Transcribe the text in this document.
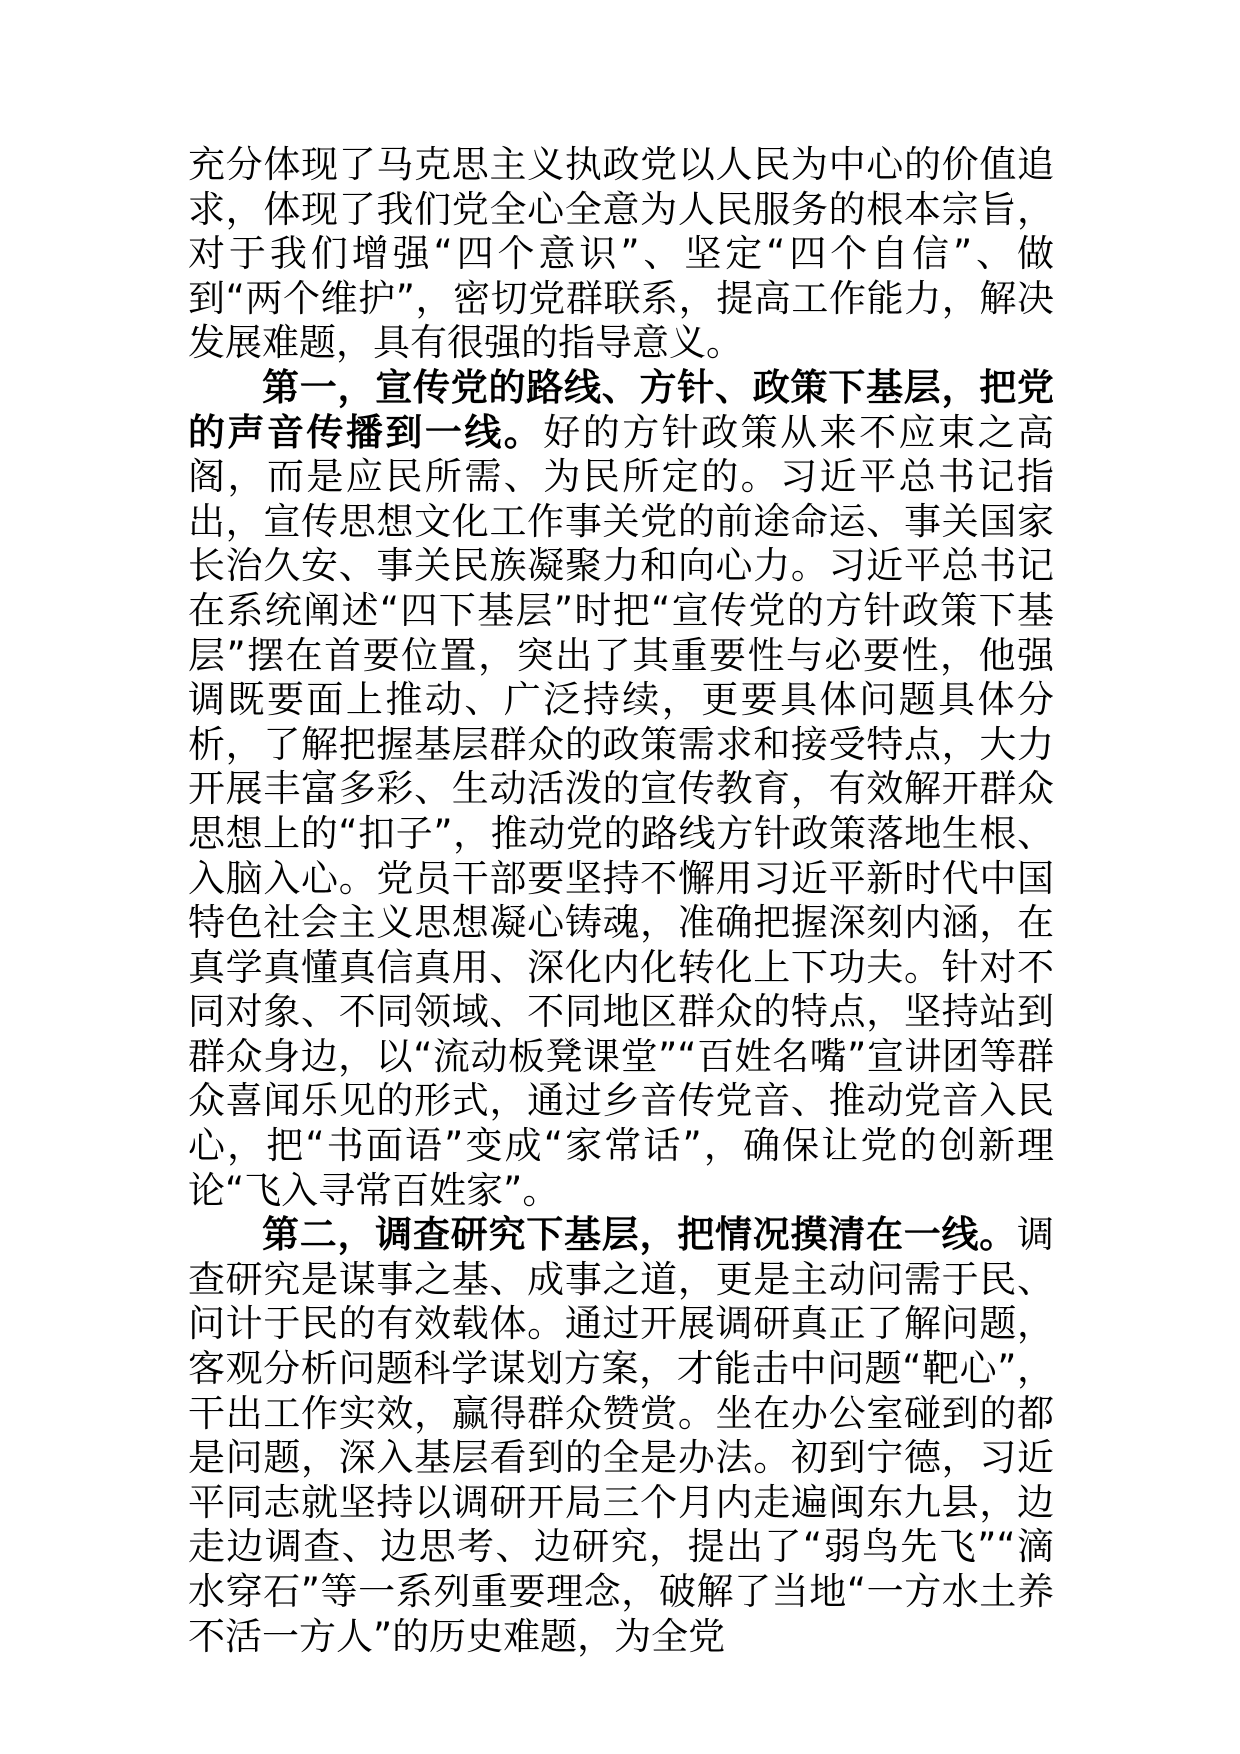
充分体现了马克思主义执政党以人民为中心的价值追求，体现了我们党全心全意为人民服务的根本宗旨，对于我们增强“四个意识”、坚定“四个自信”、做到“两个维护”，密切党群联系，提高工作能力，解决发展难题，具有很强的指导意义。

第一，宣传党的路线、方针、政策下基层，把党的声音传播到一线。好的方针政策从来不应束之高阁，而是应民所需、为民所定的。习近平总书记指出，宣传思想文化工作事关党的前途命运、事关国家长治久安、事关民族凝聚力和向心力。习近平总书记在系统阐述“四下基层”时把“宣传党的方针政策下基层”摆在首要位置，突出了其重要性与必要性，他强调既要面上推动、广泛持续，更要具体问题具体分析，了解把握基层群众的政策需求和接受特点，大力开展丰富多彩、生动活泼的宣传教育，有效解开群众思想上的“扣子”，推动党的路线方针政策落地生根、入脑入心。党员干部要坚持不懈用习近平新时代中国特色社会主义思想凝心铸魂，准确把握深刻内涵，在真学真懂真信真用、深化内化转化上下功夫。针对不同对象、不同领域、不同地区群众的特点，坚持站到群众身边，以“流动板凳课堂”“百姓名嘴”宣讲团等群众喜闻乐见的形式，通过乡音传党音、推动党音入民心，把“书面语”变成“家常话”，确保让党的创新理论“飞入寻常百姓家”。

第二，调查研究下基层，把情况摸清在一线。调查研究是谋事之基、成事之道，更是主动问需于民、问计于民的有效载体。通过开展调研真正了解问题，客观分析问题科学谋划方案，才能击中问题“靶心”，干出工作实效，赢得群众赞赏。坐在办公室碰到的都是问题，深入基层看到的全是办法。初到宁德，习近平同志就坚持以调研开局三个月内走遍闽东九县，边走边调查、边思考、边研究，提出了“弱鸟先飞”“滴水穿石”等一系列重要理念，破解了当地“一方水土养不活一方人”的历史难题，为全党
